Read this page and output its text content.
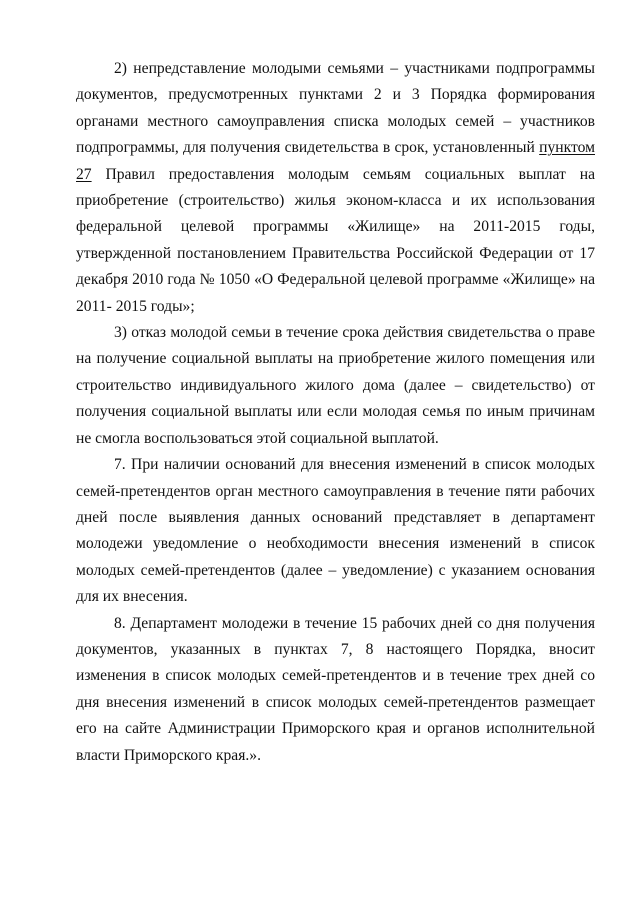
2) непредставление молодыми семьями – участниками подпрограммы документов, предусмотренных пунктами 2 и 3 Порядка формирования органами местного самоуправления списка молодых семей – участников подпрограммы, для получения свидетельства в срок, установленный пунктом 27 Правил предоставления молодым семьям социальных выплат на приобретение (строительство) жилья эконом-класса и их использования федеральной целевой программы «Жилище» на 2011-2015 годы, утвержденной постановлением Правительства Российской Федерации от 17 декабря 2010 года № 1050 «О Федеральной целевой программе «Жилище» на 2011- 2015 годы»;

3) отказ молодой семьи в течение срока действия свидетельства о праве на получение социальной выплаты на приобретение жилого помещения или строительство индивидуального жилого дома (далее – свидетельство) от получения социальной выплаты или если молодая семья по иным причинам не смогла воспользоваться этой социальной выплатой.

7. При наличии оснований для внесения изменений в список молодых семей-претендентов орган местного самоуправления в течение пяти рабочих дней после выявления данных оснований представляет в департамент молодежи уведомление о необходимости внесения изменений в список молодых семей-претендентов (далее – уведомление) с указанием основания для их внесения.

8. Департамент молодежи в течение 15 рабочих дней со дня получения документов, указанных в пунктах 7, 8 настоящего Порядка, вносит изменения в список молодых семей-претендентов и в течение трех дней со дня внесения изменений в список молодых семей-претендентов размещает его на сайте Администрации Приморского края и органов исполнительной власти Приморского края.».
